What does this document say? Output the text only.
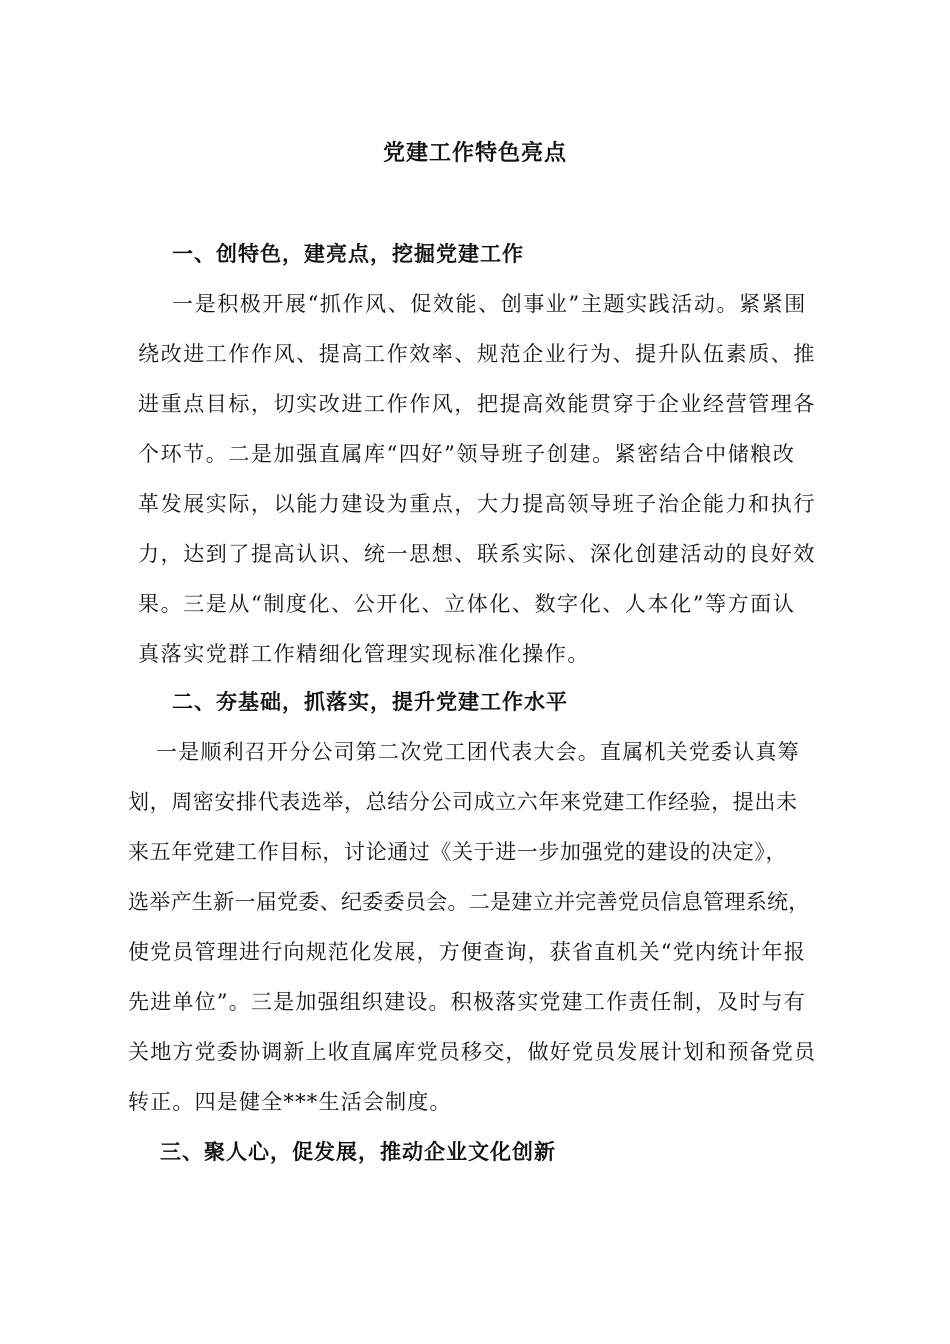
党建工作特色亮点
一、创特色，建亮点，挖掘党建工作
一是积极开展“抓作风、促效能、创事业”主题实践活动。紧紧围
绕改进工作作风、提高工作效率、规范企业行为、提升队伍素质、推
进重点目标，切实改进工作作风，把提高效能贯穿于企业经营管理各
个环节。二是加强直属库“四好”领导班子创建。紧密结合中储粮改
革发展实际，以能力建设为重点，大力提高领导班子治企能力和执行
力，达到了提高认识、统一思想、联系实际、深化创建活动的良好效
果。三是从“制度化、公开化、立体化、数字化、人本化”等方面认
真落实党群工作精细化管理实现标准化操作。
二、夯基础，抓落实，提升党建工作水平
一是顺利召开分公司第二次党工团代表大会。直属机关党委认真筹
划，周密安排代表选举，总结分公司成立六年来党建工作经验，提出未
来五年党建工作目标，讨论通过《关于进一步加强党的建设的决定》，
选举产生新一届党委、纪委委员会。二是建立并完善党员信息管理系统，
使党员管理进行向规范化发展，方便查询，获省直机关“党内统计年报
先进单位”。三是加强组织建设。积极落实党建工作责任制，及时与有
关地方党委协调新上收直属库党员移交，做好党员发展计划和预备党员
转正。四是健全***生活会制度。
三、聚人心，促发展，推动企业文化创新
